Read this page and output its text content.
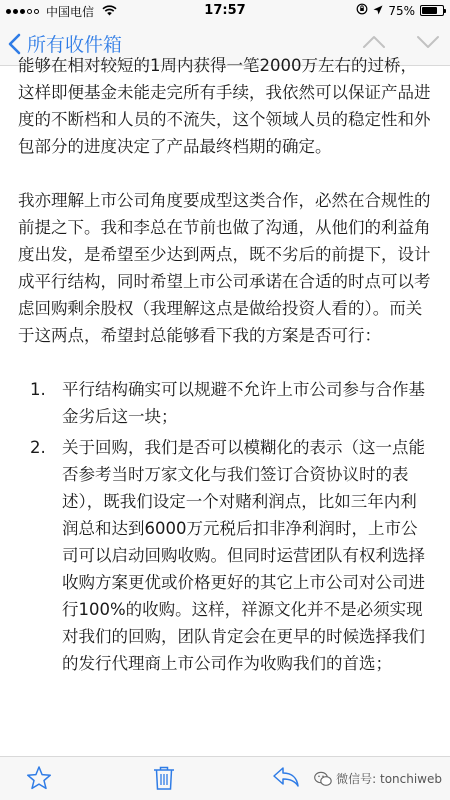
中国电信	17:57	75%
所有收件箱

能够在相对较短的1周内获得一笔2000万左右的过桥，这样即便基金未能走完所有手续，我依然可以保证产品进度的不断档和人员的不流失，这个领域人员的稳定性和外包部分的进度决定了产品最终档期的确定。

我亦理解上市公司角度要成型这类合作，必然在合规性的前提之下。我和李总在节前也做了沟通，从他们的利益角度出发，是希望至少达到两点，既不劣后的前提下，设计成平行结构，同时希望上市公司承诺在合适的时点可以考虑回购剩余股权（我理解这点是做给投资人看的）。而关于这两点，希望封总能够看下我的方案是否可行：

1. 平行结构确实可以规避不允许上市公司参与合作基金劣后这一块；
2. 关于回购，我们是否可以模糊化的表示（这一点能否参考当时万家文化与我们签订合资协议时的表述），既我们设定一个对赌利润点，比如三年内利润总和达到6000万元税后扣非净利润时，上市公司可以启动回购收购。但同时运营团队有权利选择收购方案更优或价格更好的其它上市公司对公司进行100%的收购。这样，祥源文化并不是必须实现对我们的回购，团队肯定会在更早的时候选择我们的发行代理商上市公司作为收购我们的首选；
微信号: tonchiweb
